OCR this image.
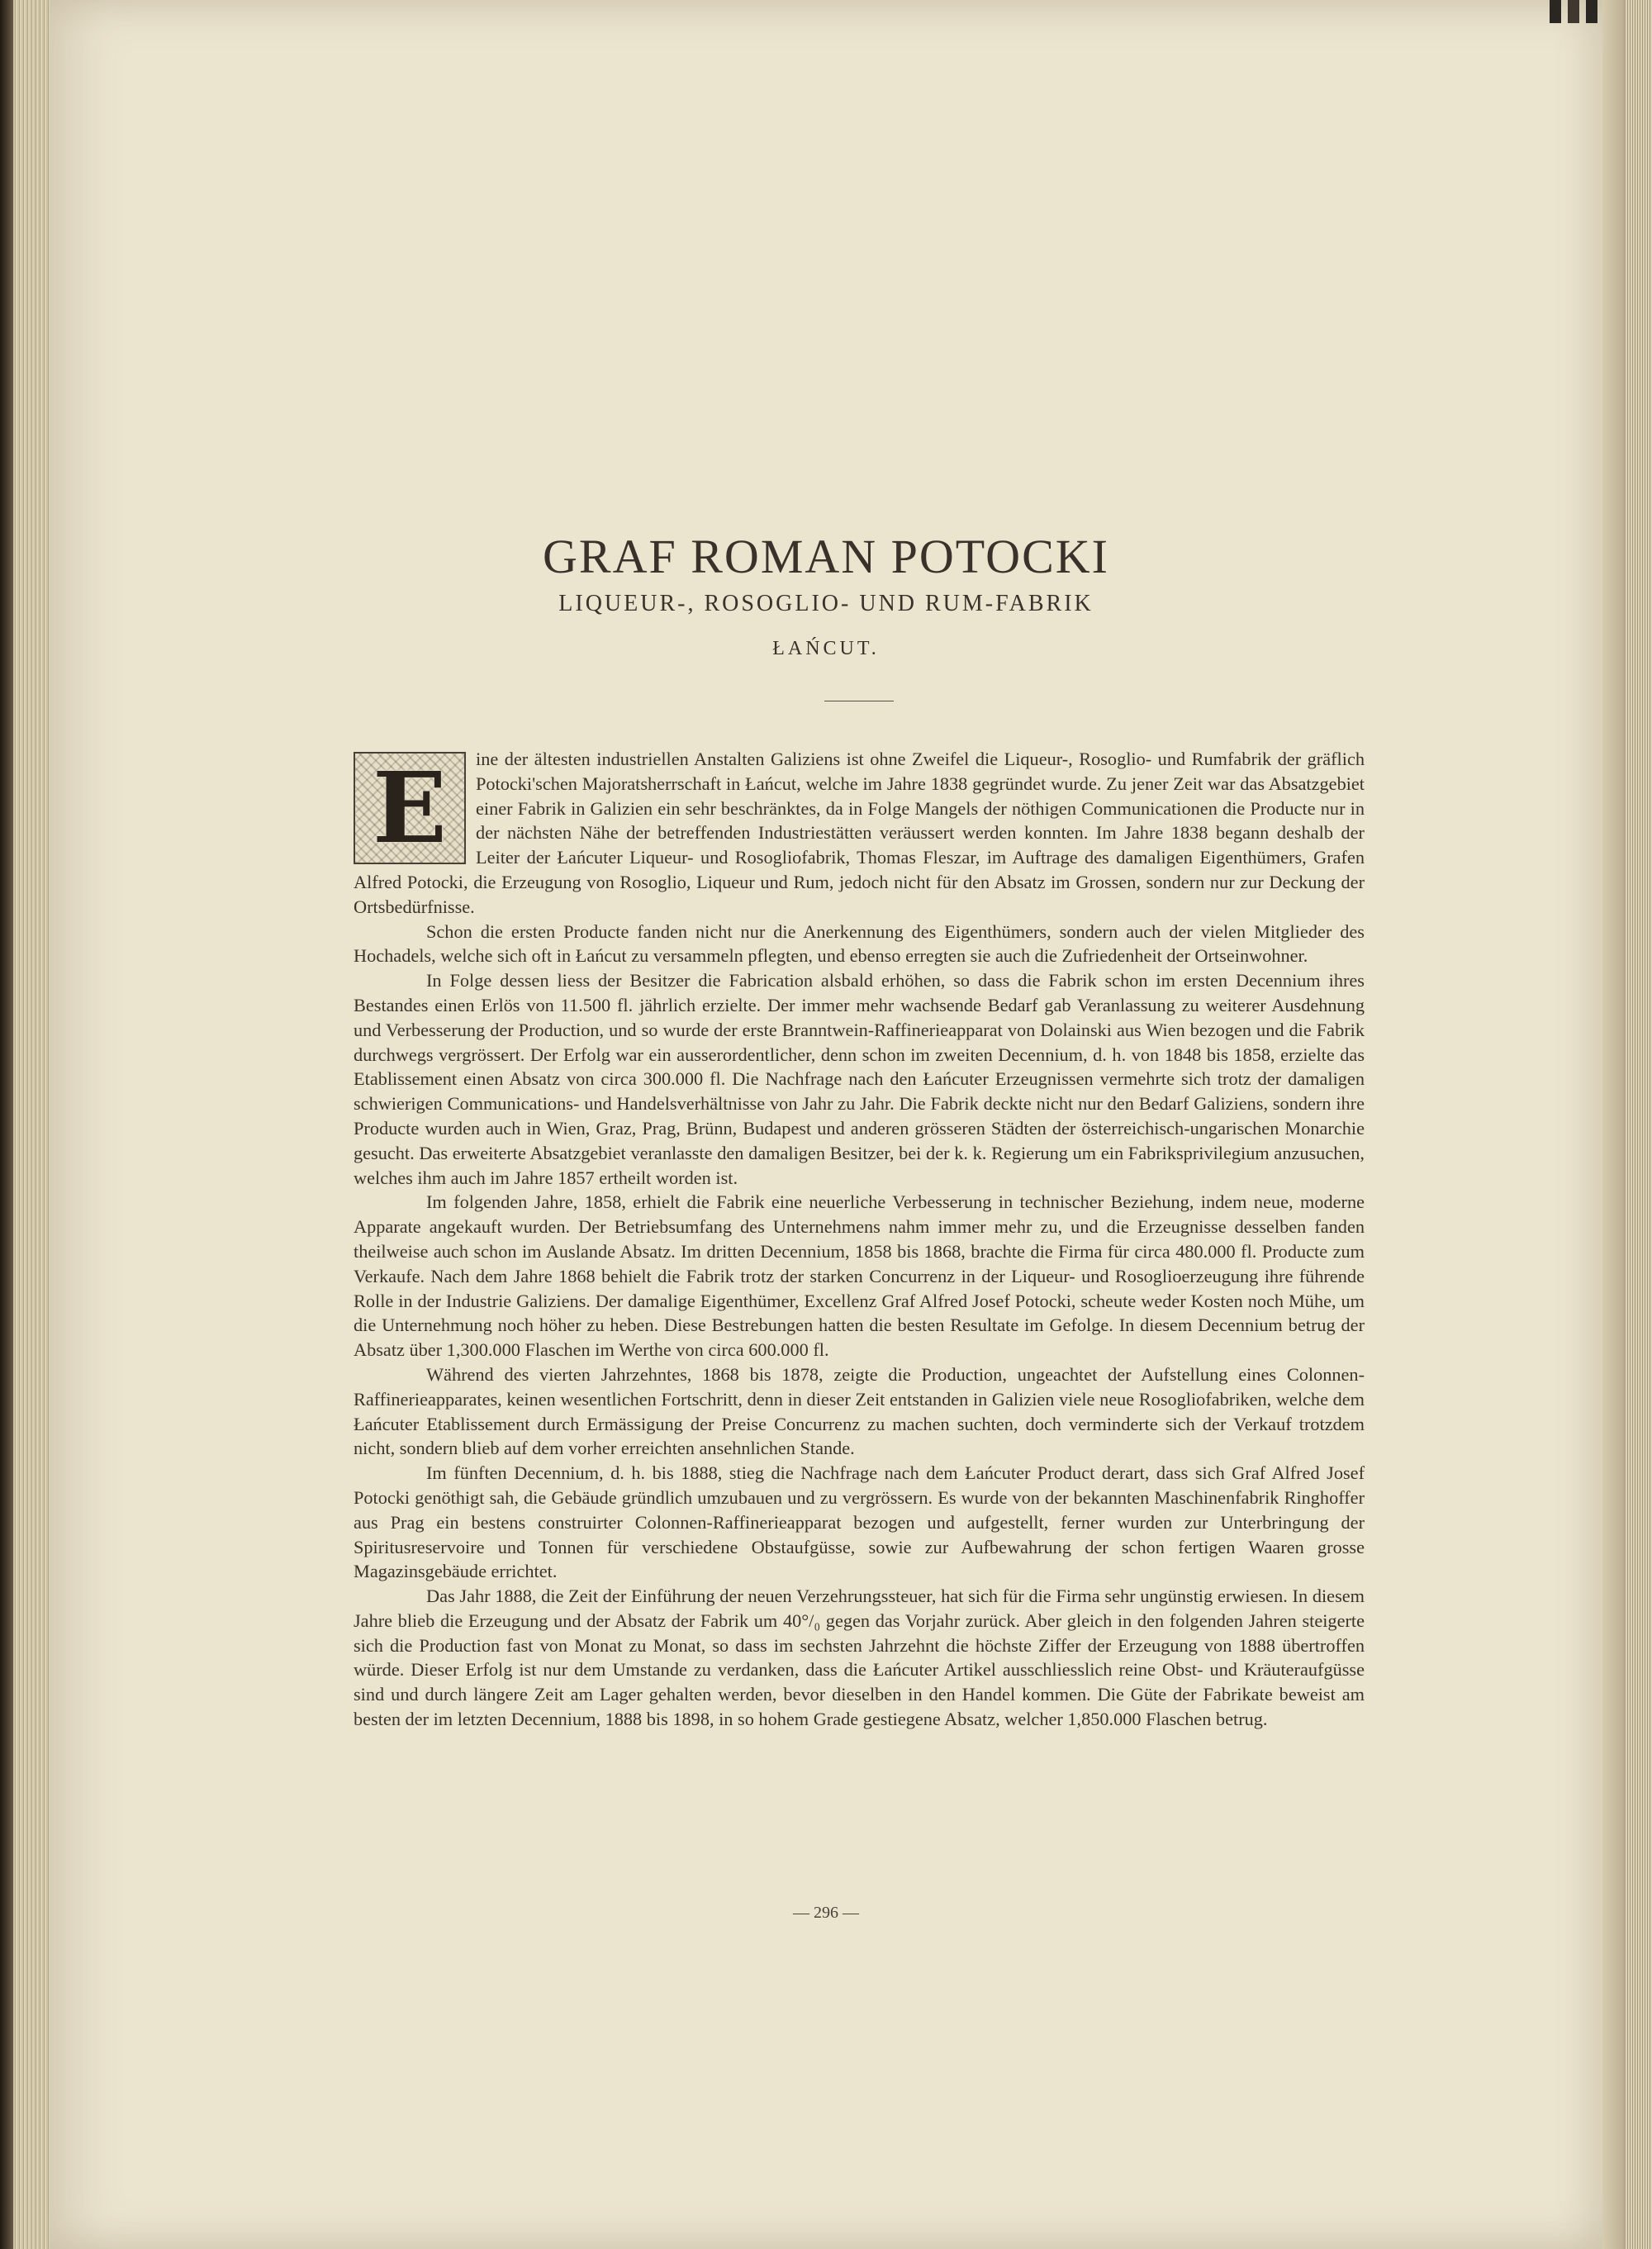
GRAF ROMAN POTOCKI
LIQUEUR-, ROSOGLIO- UND RUM-FABRIK
ŁAŃCUT.

ine der ältesten industriellen Anstalten Galiziens ist ohne Zweifel die Liqueur-, Rosoglio- und Rumfabrik der gräflich Potocki'schen Majoratsherrschaft in Łańcut, welche im Jahre 1838 gegründet wurde. Zu jener Zeit war das Absatzgebiet einer Fabrik in Galizien ein sehr beschränktes, da in Folge Mangels der nöthigen Communicationen die Producte nur in der nächsten Nähe der betreffenden Industriestätten veräussert werden konnten. Im Jahre 1838 begann deshalb der Leiter der Łańcuter Liqueur- und Rosogliofabrik, Thomas Fleszar, im Auftrage des damaligen Eigenthümers, Grafen Alfred Potocki, die Erzeugung von Rosoglio, Liqueur und Rum, jedoch nicht für den Absatz im Grossen, sondern nur zur Deckung der Ortsbedürfnisse.

Schon die ersten Producte fanden nicht nur die Anerkennung des Eigenthümers, sondern auch der vielen Mitglieder des Hochadels, welche sich oft in Łańcut zu versammeln pflegten, und ebenso erregten sie auch die Zufriedenheit der Ortseinwohner.

In Folge dessen liess der Besitzer die Fabrication alsbald erhöhen, so dass die Fabrik schon im ersten Decennium ihres Bestandes einen Erlös von 11.500 fl. jährlich erzielte. Der immer mehr wachsende Bedarf gab Veranlassung zu weiterer Ausdehnung und Verbesserung der Production, und so wurde der erste Branntwein-Raffinerieapparat von Dolainski aus Wien bezogen und die Fabrik durchwegs vergrössert. Der Erfolg war ein ausserordentlicher, denn schon im zweiten Decennium, d. h. von 1848 bis 1858, erzielte das Etablissement einen Absatz von circa 300.000 fl. Die Nachfrage nach den Łańcuter Erzeugnissen vermehrte sich trotz der damaligen schwierigen Communications- und Handelsverhältnisse von Jahr zu Jahr. Die Fabrik deckte nicht nur den Bedarf Galiziens, sondern ihre Producte wurden auch in Wien, Graz, Prag, Brünn, Budapest und anderen grösseren Städten der österreichisch-ungarischen Monarchie gesucht. Das erweiterte Absatzgebiet veranlasste den damaligen Besitzer, bei der k. k. Regierung um ein Fabriksprivilegium anzusuchen, welches ihm auch im Jahre 1857 ertheilt worden ist.

Im folgenden Jahre, 1858, erhielt die Fabrik eine neuerliche Verbesserung in technischer Beziehung, indem neue, moderne Apparate angekauft wurden. Der Betriebsumfang des Unternehmens nahm immer mehr zu, und die Erzeugnisse desselben fanden theilweise auch schon im Auslande Absatz. Im dritten Decennium, 1858 bis 1868, brachte die Firma für circa 480.000 fl. Producte zum Verkaufe. Nach dem Jahre 1868 behielt die Fabrik trotz der starken Concurrenz in der Liqueur- und Rosoglioerzeugung ihre führende Rolle in der Industrie Galiziens. Der damalige Eigenthümer, Excellenz Graf Alfred Josef Potocki, scheute weder Kosten noch Mühe, um die Unternehmung noch höher zu heben. Diese Bestrebungen hatten die besten Resultate im Gefolge. In diesem Decennium betrug der Absatz über 1,300.000 Flaschen im Werthe von circa 600.000 fl.

Während des vierten Jahrzehntes, 1868 bis 1878, zeigte die Production, ungeachtet der Aufstellung eines Colonnen-Raffinerieapparates, keinen wesentlichen Fortschritt, denn in dieser Zeit entstanden in Galizien viele neue Rosogliofabriken, welche dem Łańcuter Etablissement durch Ermässigung der Preise Concurrenz zu machen suchten, doch verminderte sich der Verkauf trotzdem nicht, sondern blieb auf dem vorher erreichten ansehnlichen Stande.

Im fünften Decennium, d. h. bis 1888, stieg die Nachfrage nach dem Łańcuter Product derart, dass sich Graf Alfred Josef Potocki genöthigt sah, die Gebäude gründlich umzubauen und zu vergrössern. Es wurde von der bekannten Maschinenfabrik Ringhoffer aus Prag ein bestens construirter Colonnen-Raffinerieapparat bezogen und aufgestellt, ferner wurden zur Unterbringung der Spiritusreservoire und Tonnen für verschiedene Obstaufgüsse, sowie zur Aufbewahrung der schon fertigen Waaren grosse Magazinsgebäude errichtet.

Das Jahr 1888, die Zeit der Einführung der neuen Verzehrungssteuer, hat sich für die Firma sehr ungünstig erwiesen. In diesem Jahre blieb die Erzeugung und der Absatz der Fabrik um 40°/₀ gegen das Vorjahr zurück. Aber gleich in den folgenden Jahren steigerte sich die Production fast von Monat zu Monat, so dass im sechsten Jahrzehnt die höchste Ziffer der Erzeugung von 1888 übertroffen würde. Dieser Erfolg ist nur dem Umstande zu verdanken, dass die Łańcuter Artikel ausschliesslich reine Obst- und Kräuteraufgüsse sind und durch längere Zeit am Lager gehalten werden, bevor dieselben in den Handel kommen. Die Güte der Fabrikate beweist am besten der im letzten Decennium, 1888 bis 1898, in so hohem Grade gestiegene Absatz, welcher 1,850.000 Flaschen betrug.

E
— 296 —
